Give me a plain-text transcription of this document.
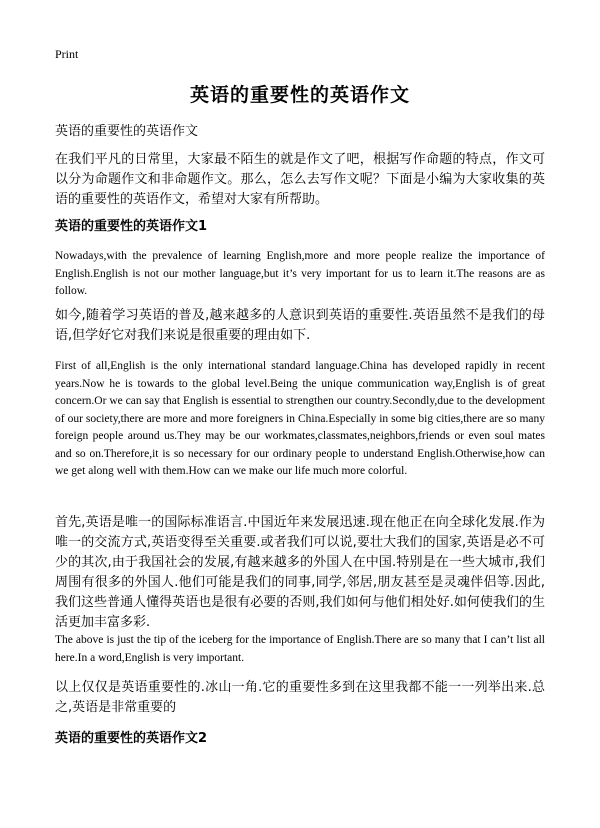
Print
英语的重要性的英语作文
英语的重要性的英语作文

在我们平凡的日常里，大家最不陌生的就是作文了吧，根据写作命题的特点，作文可以分为命题作文和非命题作文。那么，怎么去写作文呢？下面是小编为大家收集的英语的重要性的英语作文，希望对大家有所帮助。

英语的重要性的英语作文1

Nowadays,with the prevalence of learning English,more and more people realize the importance of English.English is not our mother language,but it’s very important for us to learn it.The reasons are as follow.

如今,随着学习英语的普及,越来越多的人意识到英语的重要性.英语虽然不是我们的母语,但学好它对我们来说是很重要的理由如下.

First of all,English is the only international standard language.China has developed rapidly in recent years.Now he is towards to the global level.Being the unique communication way,English is of great concern.Or we can say that English is essential to strengthen our country.Secondly,due to the development of our society,there are more and more foreigners in China.Especially in some big cities,there are so many foreign people around us.They may be our workmates,classmates,neighbors,friends or even soul mates and so on.Therefore,it is so necessary for our ordinary people to understand English.Otherwise,how can we get along well with them.How can we make our life much more colorful.

首先,英语是唯一的国际标准语言.中国近年来发展迅速.现在他正在向全球化发展.作为唯一的交流方式,英语变得至关重要.或者我们可以说,要壮大我们的国家,英语是必不可少的其次,由于我国社会的发展,有越来越多的外国人在中国.特别是在一些大城市,我们周围有很多的外国人.他们可能是我们的同事,同学,邻居,朋友甚至是灵魂伴侣等.因此,我们这些普通人懂得英语也是很有必要的否则,我们如何与他们相处好.如何使我们的生活更加丰富多彩.

The above is just the tip of the iceberg for the importance of English.There are so many that I can’t list all here.In a word,English is very important.

以上仅仅是英语重要性的.冰山一角.它的重要性多到在这里我都不能一一列举出来.总之,英语是非常重要的

英语的重要性的英语作文2
